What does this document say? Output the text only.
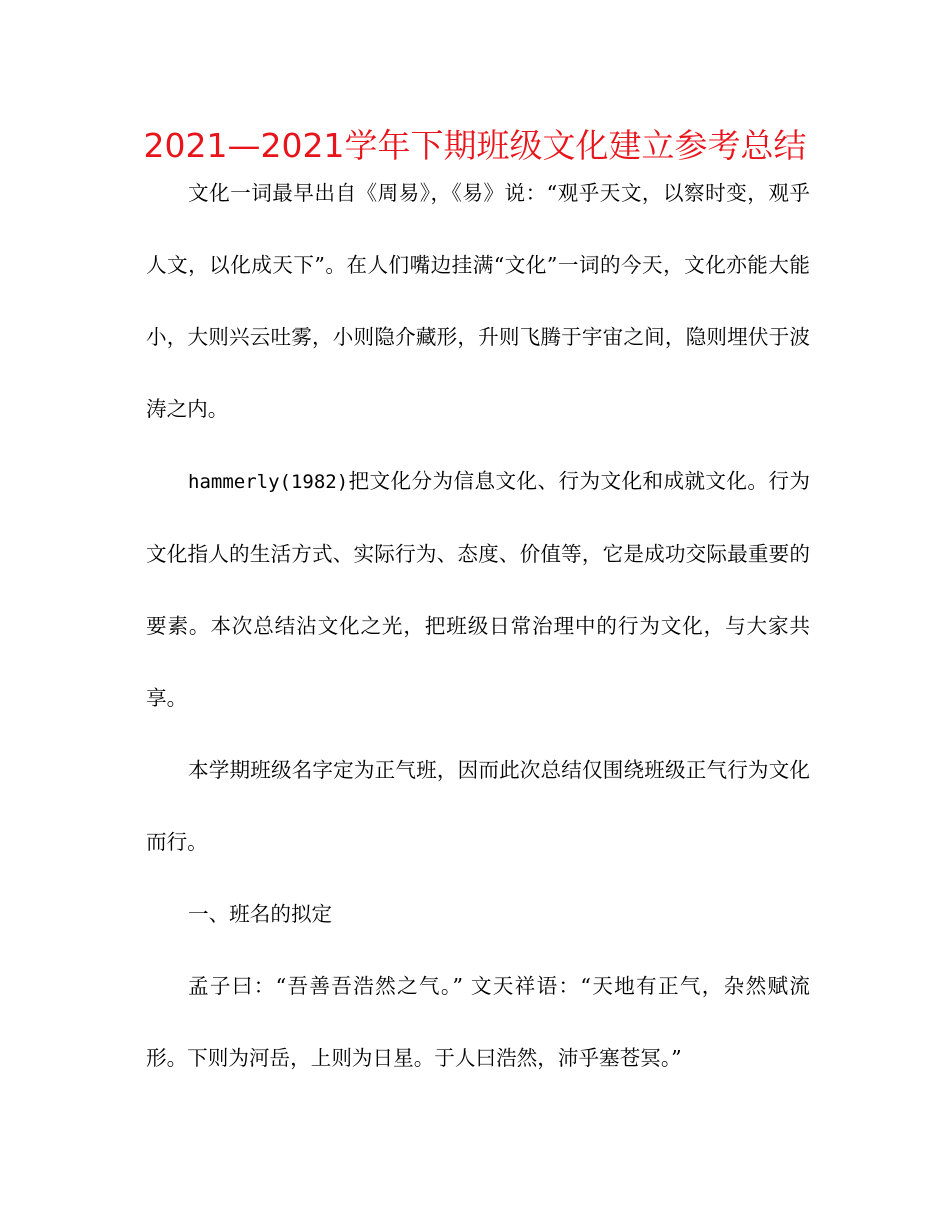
2021—2021学年下期班级文化建立参考总结

文化一词最早出自《周易》，《易》说：“观乎天文，以察时变，观乎人文，以化成天下”。在人们嘴边挂满“文化”一词的今天，文化亦能大能小，大则兴云吐雾，小则隐介藏形，升则飞腾于宇宙之间，隐则埋伏于波涛之内。

hammerly(1982)把文化分为信息文化、行为文化和成就文化。行为文化指人的生活方式、实际行为、态度、价值等，它是成功交际最重要的要素。本次总结沾文化之光，把班级日常治理中的行为文化，与大家共享。

本学期班级名字定为正气班，因而此次总结仅围绕班级正气行为文化而行。

一、班名的拟定

孟子曰：“吾善吾浩然之气。” 文天祥语：“天地有正气，杂然赋流形。下则为河岳，上则为日星。于人曰浩然，沛乎塞苍冥。”
